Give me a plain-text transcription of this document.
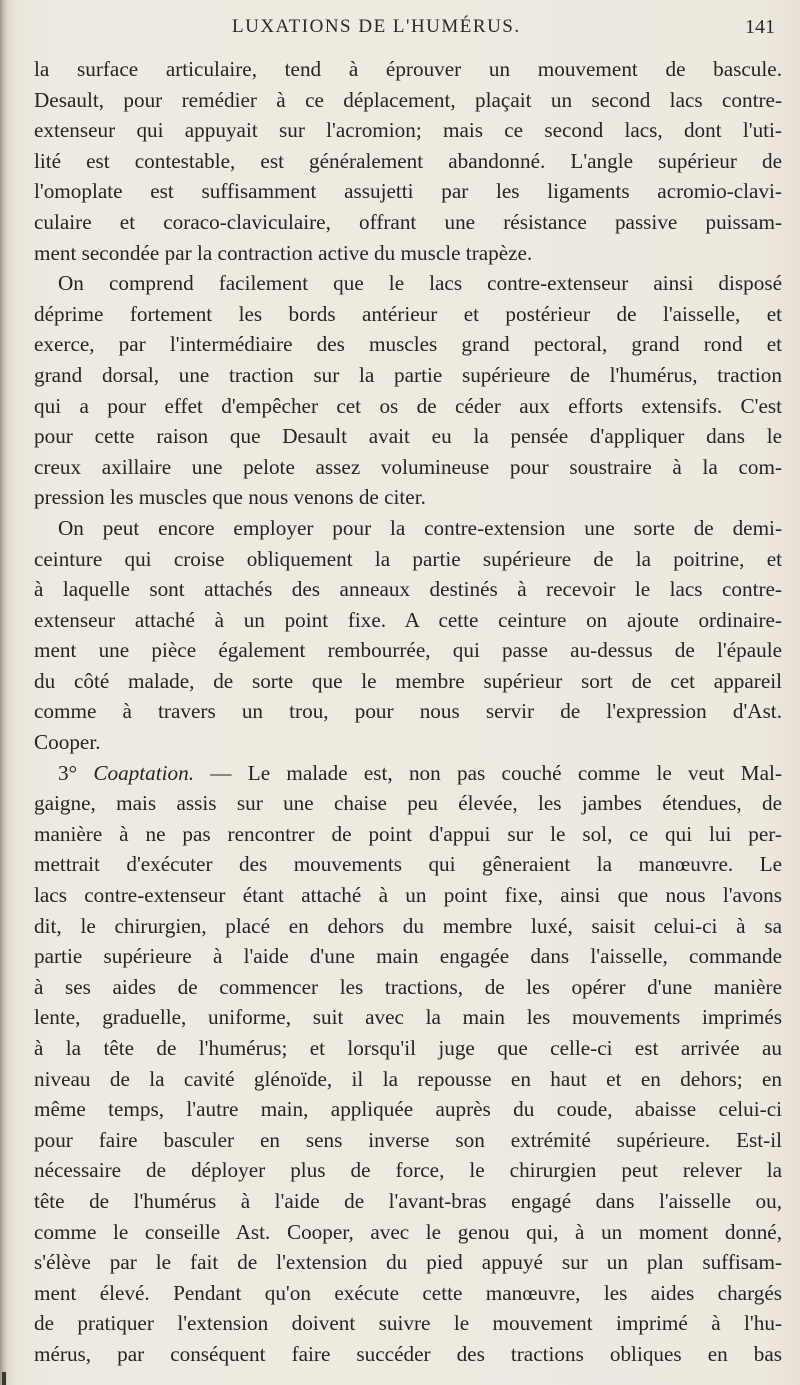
LUXATIONS DE L'HUMÉRUS.	141
la surface articulaire, tend à éprouver un mouvement de bascule.
Desault, pour remédier à ce déplacement, plaçait un second lacs contre-
extenseur qui appuyait sur l'acromion; mais ce second lacs, dont l'uti-
lité est contestable, est généralement abandonné. L'angle supérieur de
l'omoplate est suffisamment assujetti par les ligaments acromio-clavi-
culaire et coraco-claviculaire, offrant une résistance passive puissam-
ment secondée par la contraction active du muscle trapèze.
On comprend facilement que le lacs contre-extenseur ainsi disposé
déprime fortement les bords antérieur et postérieur de l'aisselle, et
exerce, par l'intermédiaire des muscles grand pectoral, grand rond et
grand dorsal, une traction sur la partie supérieure de l'humérus, traction
qui a pour effet d'empêcher cet os de céder aux efforts extensifs. C'est
pour cette raison que Desault avait eu la pensée d'appliquer dans le
creux axillaire une pelote assez volumineuse pour soustraire à la com-
pression les muscles que nous venons de citer.
On peut encore employer pour la contre-extension une sorte de demi-
ceinture qui croise obliquement la partie supérieure de la poitrine, et
à laquelle sont attachés des anneaux destinés à recevoir le lacs contre-
extenseur attaché à un point fixe. A cette ceinture on ajoute ordinaire-
ment une pièce également rembourrée, qui passe au-dessus de l'épaule
du côté malade, de sorte que le membre supérieur sort de cet appareil
comme à travers un trou, pour nous servir de l'expression d'Ast.
Cooper.
3° Coaptation. — Le malade est, non pas couché comme le veut Mal-
gaigne, mais assis sur une chaise peu élevée, les jambes étendues, de
manière à ne pas rencontrer de point d'appui sur le sol, ce qui lui per-
mettrait d'exécuter des mouvements qui gêneraient la manœuvre. Le
lacs contre-extenseur étant attaché à un point fixe, ainsi que nous l'avons
dit, le chirurgien, placé en dehors du membre luxé, saisit celui-ci à sa
partie supérieure à l'aide d'une main engagée dans l'aisselle, commande
à ses aides de commencer les tractions, de les opérer d'une manière
lente, graduelle, uniforme, suit avec la main les mouvements imprimés
à la tête de l'humérus; et lorsqu'il juge que celle-ci est arrivée au
niveau de la cavité glénoïde, il la repousse en haut et en dehors; en
même temps, l'autre main, appliquée auprès du coude, abaisse celui-ci
pour faire basculer en sens inverse son extrémité supérieure. Est-il
nécessaire de déployer plus de force, le chirurgien peut relever la
tête de l'humérus à l'aide de l'avant-bras engagé dans l'aisselle ou,
comme le conseille Ast. Cooper, avec le genou qui, à un moment donné,
s'élève par le fait de l'extension du pied appuyé sur un plan suffisam-
ment élevé. Pendant qu'on exécute cette manœuvre, les aides chargés
de pratiquer l'extension doivent suivre le mouvement imprimé à l'hu-
mérus, par conséquent faire succéder des tractions obliques en bas
